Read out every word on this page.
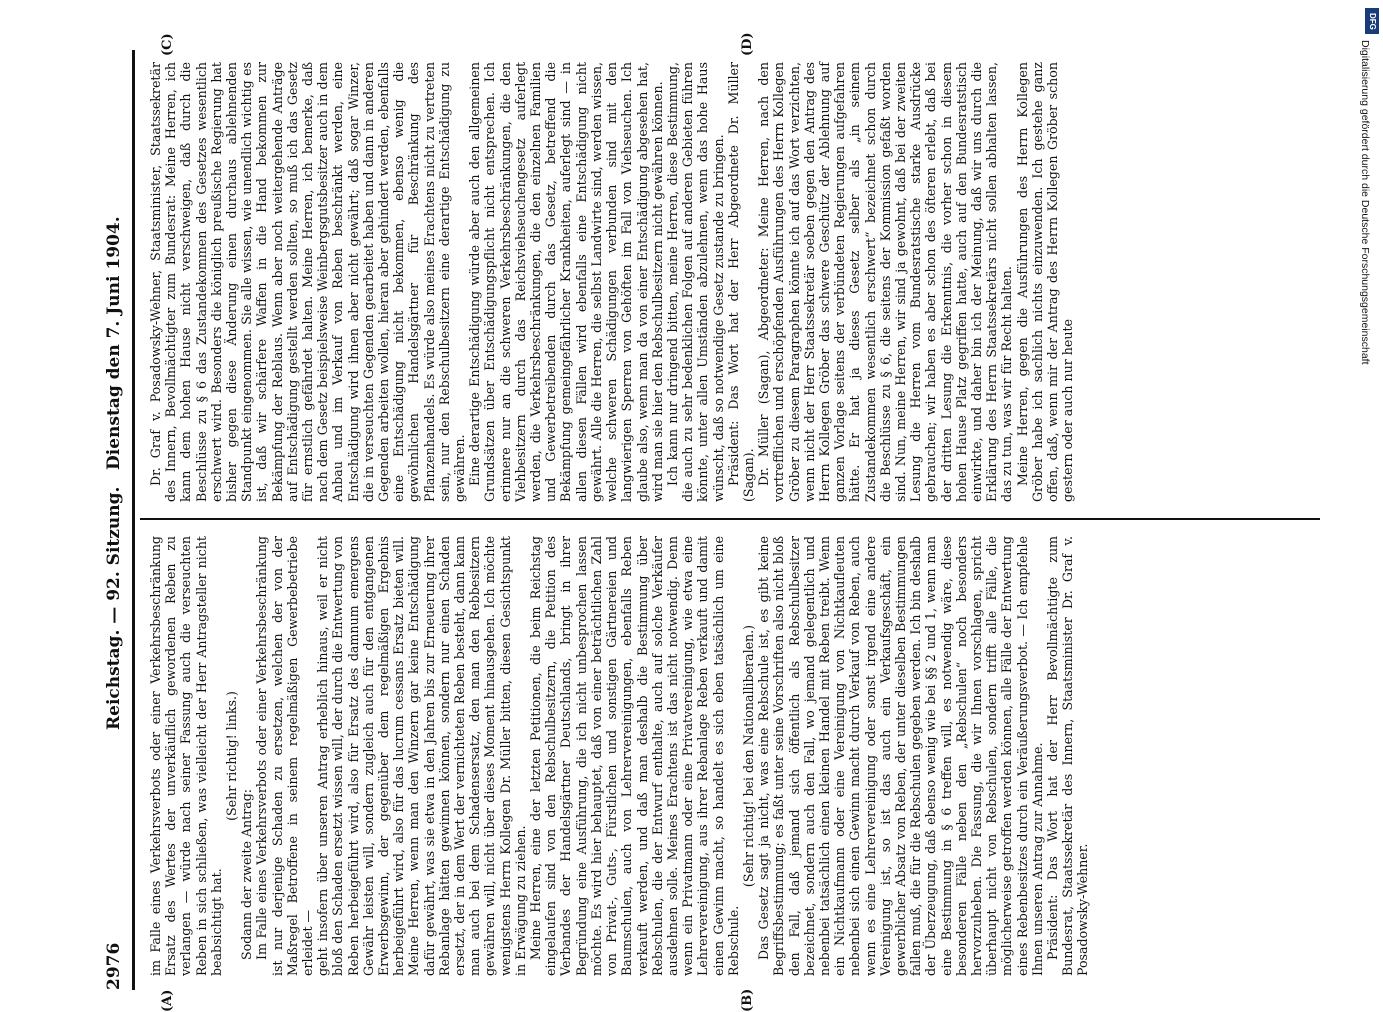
2976
Reichstag. — 92. Sitzung.
Dienstag den 7. Juni 1904.

im Falle eines Verkehrsverbots oder einer Verkehrsbeschränkung Ersatz des Wertes der unverkäuflich gewordenen Reben zu verlangen — würde nach seiner Fassung auch die verseuchten Reben in sich schließen, was vielleicht der Herr Antragsteller nicht beabsichtigt hat.

(Sehr richtig! links.)

Sodann der zweite Antrag: Im Falle eines Verkehrsverbots oder einer Verkehrsbeschränkung ist nur derjenige Schaden zu ersetzen, welchen der von der Maßregel Betroffene in seinem regelmäßigen Gewerbebetriebe erleidet — geht insofern über unseren Antrag erheblich hinaus, weil er nicht bloß den Schaden ersetzt wissen will, der durch die Entwertung von Reben herbeigeführt wird, also für Ersatz des damnum emergens Gewähr leisten will, sondern zugleich auch für den entgangenen Erwerbsgewinn, der gegenüber dem regelmäßigen Ergebnis herbeigeführt wird, also für das lucrum cessans Ersatz bieten will. Meine Herren, wenn man den Winzern gar keine Entschädigung dafür gewährt, was sie etwa in den Jahren bis zur Erneuerung ihrer Rebanlage hätten gewinnen können, sondern nur einen Schaden ersetzt, der in dem Wert der vernichteten Reben besteht, dann kann man auch bei dem Schadensersatz, den man den Rebbesitzern gewähren will, nicht über dieses Moment hinausgehen. Ich möchte wenigstens Herrn Kollegen Dr. Müller bitten, diesen Gesichtspunkt in Erwägung zu ziehen. Meine Herren, eine der letzten Petitionen, die beim Reichstag eingelaufen sind von den Rebschulbesitzern, die Petition des Verbandes der Handelsgärtner Deutschlands, bringt in ihrer Begründung eine Ausführung, die ich nicht unbesprochen lassen möchte. Es wird hier behauptet, daß von einer beträchtlichen Zahl von Privat-, Guts-, Fürstlichen und sonstigen Gärtnereien und Baumschulen, auch von Lehrervereinigungen, ebenfalls Reben verkauft werden, und daß man deshalb die Bestimmung über Rebschulen, die der Entwurf enthalte, auch auf solche Verkäufer ausdehnen solle. Meines Erachtens ist das nicht notwendig. Denn wenn ein Privatmann oder eine Privatvereinigung, wie etwa eine Lehrervereinigung, aus ihrer Rebanlage Reben verkauft und damit einen Gewinn macht, so handelt es sich eben tatsächlich um eine Rebschule.

(Sehr richtig! bei den Nationalliberalen.) Das Gesetz sagt ja nicht, was eine Rebschule ist, es gibt keine Begriffsbestimmung; es faßt unter seine Vorschriften also nicht bloß den Fall, daß jemand sich öffentlich als Rebschulbesitzer bezeichnet, sondern auch den Fall, wo jemand gelegentlich und nebenbei tatsächlich einen kleinen Handel mit Reben treibt. Wenn ein Nichtkaufmann oder eine Vereinigung von Nichtkaufleuten nebenbei sich einen Gewinn macht durch Verkauf von Reben, auch wenn es eine Lehrervereinigung oder sonst irgend eine andere Vereinigung ist, so ist das auch ein Verkaufsgeschäft, ein gewerblicher Absatz von Reben, der unter dieselben Bestimmungen fallen muß, die für die Rebschulen gegeben werden. Ich bin deshalb der Überzeugung, daß ebenso wenig wie bei §§ 2 und 1, wenn man eine Bestimmung in § 6 treffen will, es notwendig wäre, diese besonderen Fälle neben den „Rebschulen“ noch besonders hervorzuheben. Die Fassung, die wir Ihnen vorschlagen, spricht überhaupt nicht von Rebschulen, sondern trifft alle Fälle, die möglicherweise getroffen werden können, alle Fälle der Entwertung eines Rebenbesitzes durch ein Veräußerungsverbot. — Ich empfehle Ihnen unseren Antrag zur Annahme. Präsident: Das Wort hat der Herr Bevollmächtigte zum Bundesrat, Staatssekretär des Innern, Staatsminister Dr. Graf v. Posadowsky-Wehner.

Dr. Graf v. Posadowsky-Wehner, Staatsminister, Staatssekretär des Innern, Bevollmächtigter zum Bundesrat: Meine Herren, ich kann dem hohen Hause nicht verschweigen, daß durch die Beschlüsse zu § 6 das Zustandekommen des Gesetzes wesentlich erschwert wird. Besonders die königlich preußische Regierung hat bisher gegen diese Änderung einen durchaus ablehnenden Standpunkt eingenommen. Sie alle wissen, wie unendlich wichtig es ist, daß wir schärfere Waffen in die Hand bekommen zur Bekämpfung der Reblaus. Wenn aber noch weitergehende Anträge auf Entschädigung gestellt werden sollten, so muß ich das Gesetz für ernstlich gefährdet halten. Meine Herren, ich bemerke, daß nach dem Gesetz beispielsweise Weinbergsgutsbesitzer auch in dem Anbau und im Verkauf von Reben beschränkt werden, eine Entschädigung wird ihnen aber nicht gewährt; daß sogar Winzer, die in verseuchten Gegenden gearbeitet haben und dann in anderen Gegenden arbeiten wollen, hieran aber gehindert werden, ebenfalls eine Entschädigung nicht bekommen, ebenso wenig die gewöhnlichen Handelsgärtner für Beschränkung des Pflanzenhandels. Es würde also meines Erachtens nicht zu vertreten sein, nur den Rebschulbesitzern eine derartige Entschädigung zu gewähren. Eine derartige Entschädigung würde aber auch den allgemeinen Grundsätzen über Entschädigungspflicht nicht entsprechen. Ich erinnere nur an die schweren Verkehrsbeschränkungen, die den Viehbesitzern durch das Reichsviehseuchengesetz auferlegt werden, die Verkehrsbeschränkungen, die den einzelnen Familien und Gewerbetreibenden durch das Gesetz, betreffend die Bekämpfung gemeingefährlicher Krankheiten, auferlegt sind — in allen diesen Fällen wird ebenfalls eine Entschädigung nicht gewährt. Alle die Herren, die selbst Landwirte sind, werden wissen, welche schweren Schädigungen verbunden sind mit den langwierigen Sperren von Gehöften im Fall von Viehseuchen. Ich glaube also, wenn man da von einer Entschädigung abgesehen hat, wird man sie hier den Rebschulbesitzern nicht gewähren können. Ich kann nur dringend bitten, meine Herren, diese Bestimmung, die auch zu sehr bedenklichen Folgen auf anderen Gebieten führen könnte, unter allen Umständen abzulehnen, wenn das hohe Haus wünscht, daß so notwendige Gesetz zustande zu bringen. Präsident: Das Wort hat der Herr Abgeordnete Dr. Müller (Sagan). Dr. Müller (Sagan), Abgeordneter: Meine Herren, nach den vortrefflichen und erschöpfenden Ausführungen des Herrn Kollegen Gröber zu diesem Paragraphen könnte ich auf das Wort verzichten, wenn nicht der Herr Staatssekretär soeben gegen den Antrag des Herrn Kollegen Gröber das schwere Geschütz der Ablehnung auf ganzen Vorlage seitens der verbündeten Regierungen aufgefahren hätte. Er hat ja dieses Gesetz selber als „in seinem Zustandekommen wesentlich erschwert“ bezeichnet schon durch die Beschlüsse zu § 6, die seitens der Kommission gefaßt worden sind. Nun, meine Herren, wir sind ja gewohnt, daß bei der zweiten Lesung die Herren vom Bundesratstische starke Ausdrücke gebrauchen; wir haben es aber schon des öfteren erlebt, daß bei der dritten Lesung die Erkenntnis, die vorher schon in diesem hohen Hause Platz gegriffen hatte, auch auf den Bundesratstisch einwirkte, und daher bin ich der Meinung, daß wir uns durch die Erklärung des Herrn Staatssekretärs nicht sollen abhalten lassen, das zu tun, was wir für Recht halten. Meine Herren, gegen die Ausführungen des Herrn Kollegen Gröber habe ich sachlich nichts einzuwenden. Ich gestehe ganz offen, daß, wenn mir der Antrag des Herrn Kollegen Gröber schon gestern oder auch nur heute

(A)	(B)
(C)	(D)
DFG
Digitalisierung gefördert durch die Deutsche Forschungsgemeinschaft
